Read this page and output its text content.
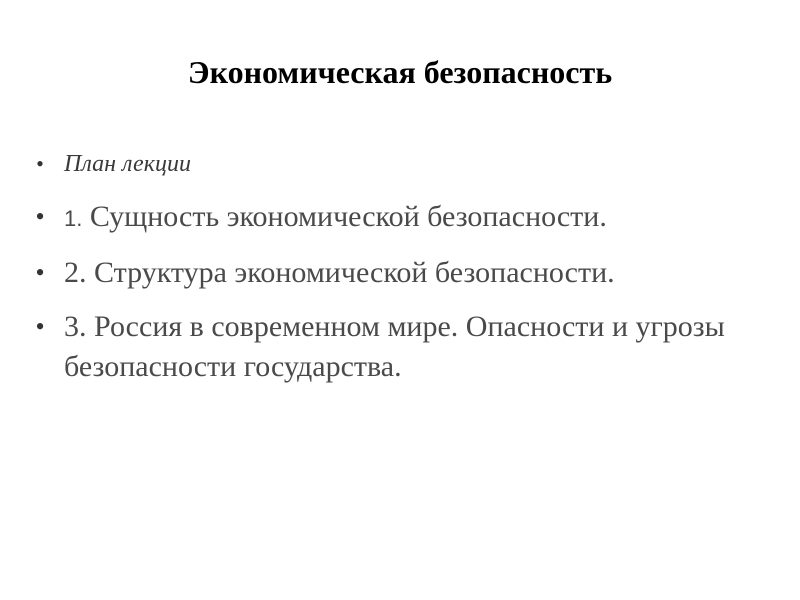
Экономическая безопасность
• План лекции
• 1. Сущность экономической безопасности.
• 2. Структура экономической безопасности.
• 3. Россия в современном мире. Опасности и угрозы безопасности государства.
